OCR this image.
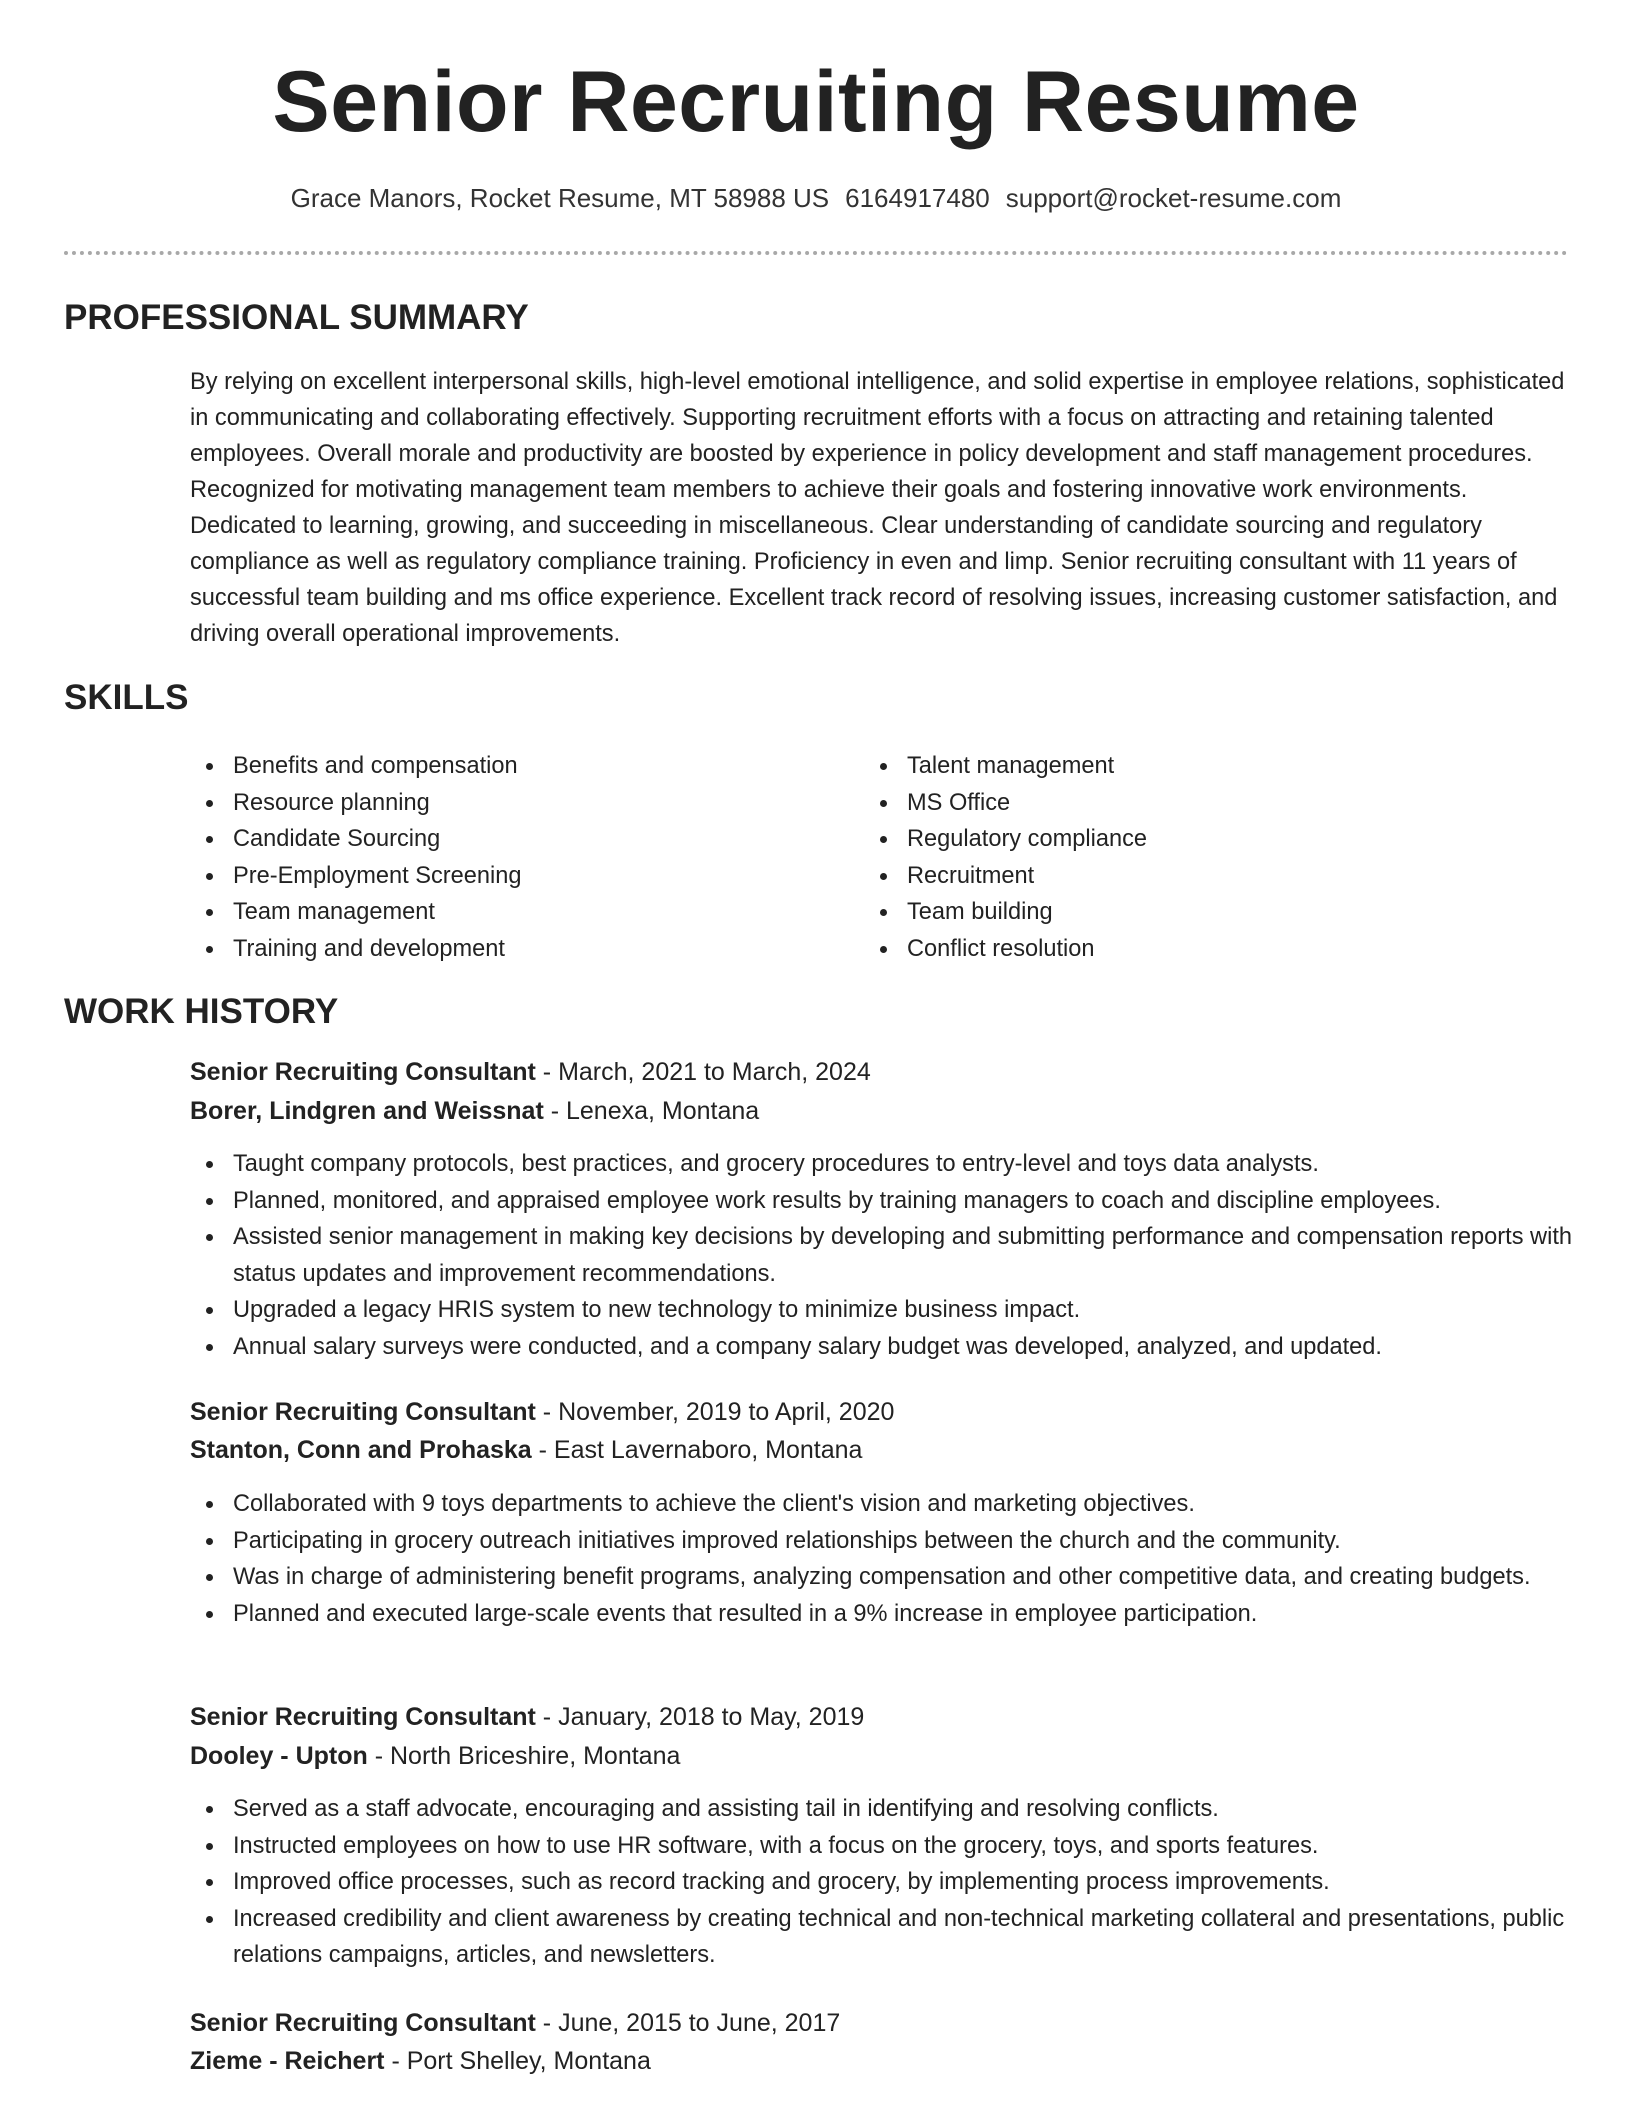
Senior Recruiting Resume
Grace Manors, Rocket Resume, MT 58988 US 6164917480 support@rocket-resume.com
PROFESSIONAL SUMMARY

By relying on excellent interpersonal skills, high-level emotional intelligence, and solid expertise in employee relations, sophisticated in communicating and collaborating effectively. Supporting recruitment efforts with a focus on attracting and retaining talented employees. Overall morale and productivity are boosted by experience in policy development and staff management procedures. Recognized for motivating management team members to achieve their goals and fostering innovative work environments. Dedicated to learning, growing, and succeeding in miscellaneous. Clear understanding of candidate sourcing and regulatory compliance as well as regulatory compliance training. Proficiency in even and limp. Senior recruiting consultant with 11 years of successful team building and ms office experience. Excellent track record of resolving issues, increasing customer satisfaction, and driving overall operational improvements.

SKILLS
Benefits and compensation
Resource planning
Candidate Sourcing
Pre-Employment Screening
Team management
Training and development
Talent management
MS Office
Regulatory compliance
Recruitment
Team building
Conflict resolution
WORK HISTORY
Senior Recruiting Consultant - March, 2021 to March, 2024
Borer, Lindgren and Weissnat - Lenexa, Montana
Taught company protocols, best practices, and grocery procedures to entry-level and toys data analysts.
Planned, monitored, and appraised employee work results by training managers to coach and discipline employees.
Assisted senior management in making key decisions by developing and submitting performance and compensation reports with status updates and improvement recommendations.
Upgraded a legacy HRIS system to new technology to minimize business impact.
Annual salary surveys were conducted, and a company salary budget was developed, analyzed, and updated.
Senior Recruiting Consultant - November, 2019 to April, 2020
Stanton, Conn and Prohaska - East Lavernaboro, Montana
Collaborated with 9 toys departments to achieve the client's vision and marketing objectives.
Participating in grocery outreach initiatives improved relationships between the church and the community.
Was in charge of administering benefit programs, analyzing compensation and other competitive data, and creating budgets.
Planned and executed large-scale events that resulted in a 9% increase in employee participation.
Senior Recruiting Consultant - January, 2018 to May, 2019
Dooley - Upton - North Briceshire, Montana
Served as a staff advocate, encouraging and assisting tail in identifying and resolving conflicts.
Instructed employees on how to use HR software, with a focus on the grocery, toys, and sports features.
Improved office processes, such as record tracking and grocery, by implementing process improvements.
Increased credibility and client awareness by creating technical and non-technical marketing collateral and presentations, public relations campaigns, articles, and newsletters.
Senior Recruiting Consultant - June, 2015 to June, 2017
Zieme - Reichert - Port Shelley, Montana
